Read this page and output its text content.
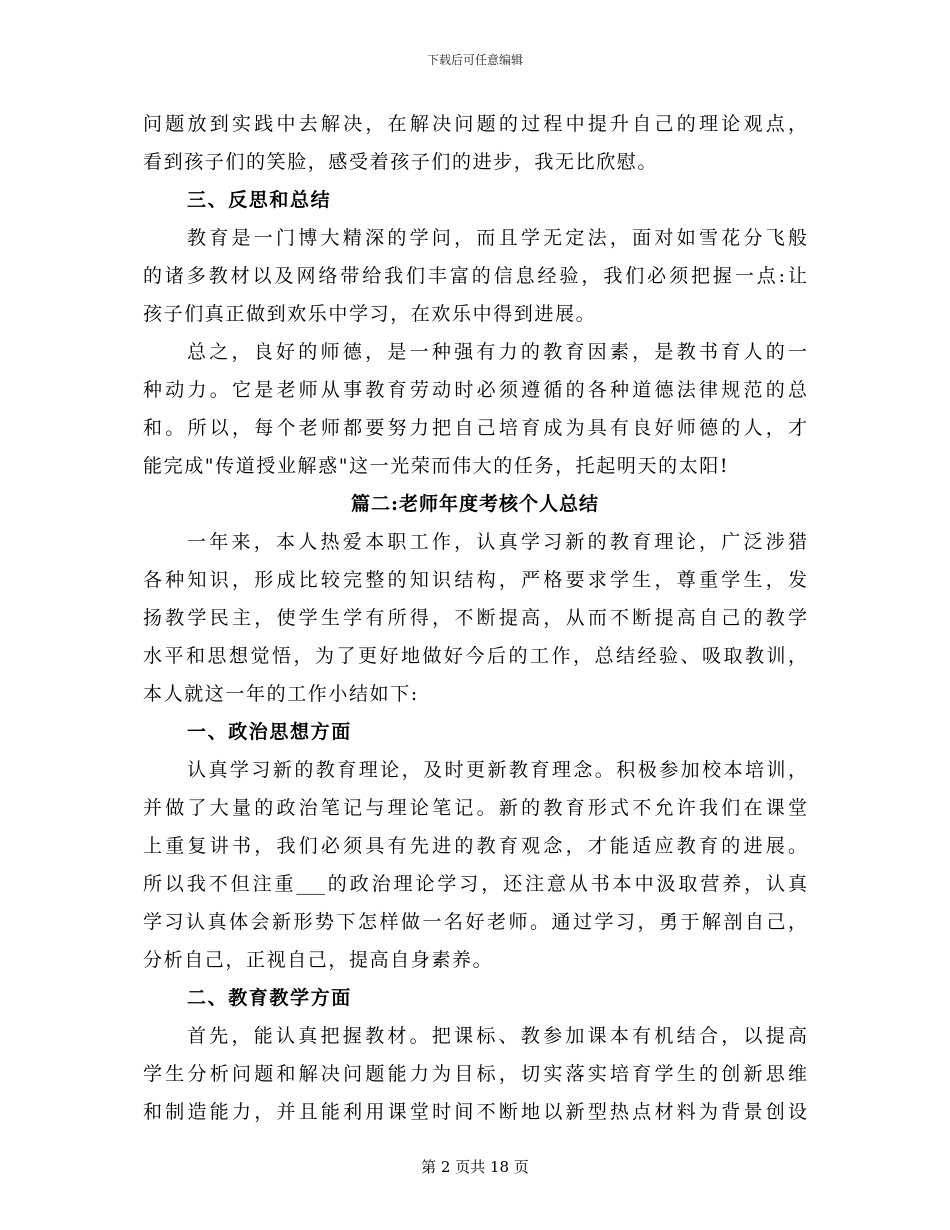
下载后可任意编辑
问题放到实践中去解决，在解决问题的过程中提升自己的理论观点，
看到孩子们的笑脸，感受着孩子们的进步，我无比欣慰。
三、反思和总结
教育是一门博大精深的学问，而且学无定法，面对如雪花分飞般
的诸多教材以及网络带给我们丰富的信息经验，我们必须把握一点:让
孩子们真正做到欢乐中学习，在欢乐中得到进展。
总之，良好的师德，是一种强有力的教育因素，是教书育人的一
种动力。它是老师从事教育劳动时必须遵循的各种道德法律规范的总
和。所以，每个老师都要努力把自己培育成为具有良好师德的人，才
能完成"传道授业解惑"这一光荣而伟大的任务，托起明天的太阳!
篇二:老师年度考核个人总结
一年来，本人热爱本职工作，认真学习新的教育理论，广泛涉猎
各种知识，形成比较完整的知识结构，严格要求学生，尊重学生，发
扬教学民主，使学生学有所得，不断提高，从而不断提高自己的教学
水平和思想觉悟，为了更好地做好今后的工作，总结经验、吸取教训，
本人就这一年的工作小结如下:
一、政治思想方面
认真学习新的教育理论，及时更新教育理念。积极参加校本培训，
并做了大量的政治笔记与理论笔记。新的教育形式不允许我们在课堂
上重复讲书，我们必须具有先进的教育观念，才能适应教育的进展。
所以我不但注重___的政治理论学习，还注意从书本中汲取营养，认真
学习认真体会新形势下怎样做一名好老师。通过学习，勇于解剖自己，
分析自己，正视自己，提高自身素养。
二、教育教学方面
首先，能认真把握教材。把课标、教参加课本有机结合，以提高
学生分析问题和解决问题能力为目标，切实落实培育学生的创新思维
和制造能力，并且能利用课堂时间不断地以新型热点材料为背景创设
第 2 页共 18 页
